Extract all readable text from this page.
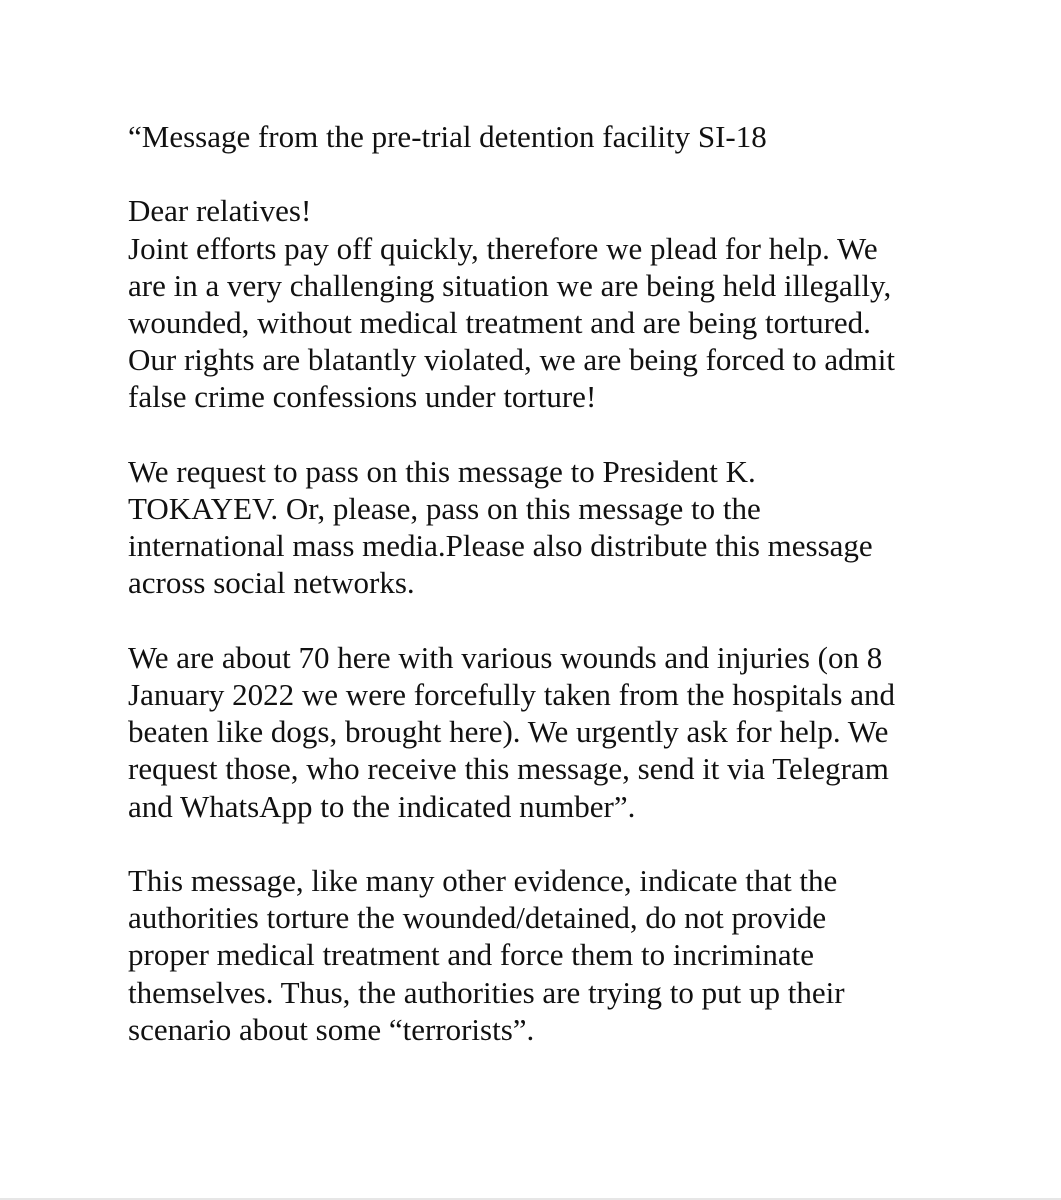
“Message from the pre-trial detention facility SI-18
Dear relatives!
Joint efforts pay off quickly, therefore we plead for help. We
are in a very challenging situation we are being held illegally,
wounded, without medical treatment and are being tortured.
Our rights are blatantly violated, we are being forced to admit
false crime confessions under torture!
We request to pass on this message to President K.
TOKAYEV. Or, please, pass on this message to the
international mass media.Please also distribute this message
across social networks.
We are about 70 here with various wounds and injuries (on 8
January 2022 we were forcefully taken from the hospitals and
beaten like dogs, brought here). We urgently ask for help. We
request those, who receive this message, send it via Telegram
and WhatsApp to the indicated number”.
This message, like many other evidence, indicate that the
authorities torture the wounded/detained, do not provide
proper medical treatment and force them to incriminate
themselves. Thus, the authorities are trying to put up their
scenario about some “terrorists”.
